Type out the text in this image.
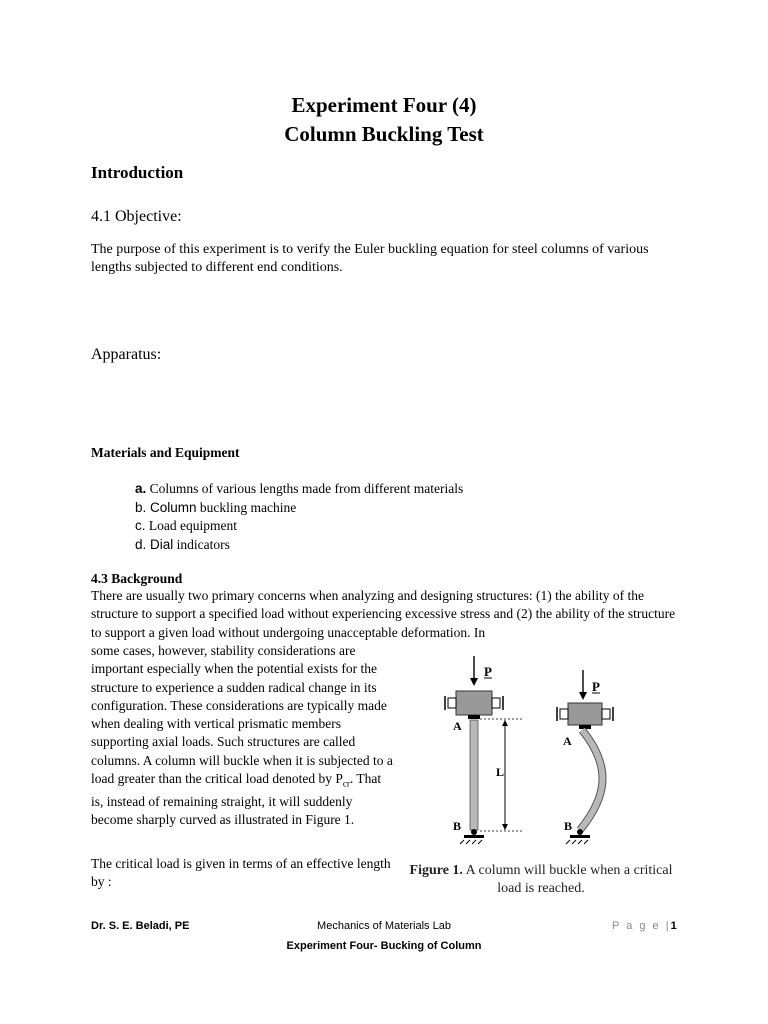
Experiment Four (4)
Column Buckling Test
Introduction
4.1 Objective:
The purpose of this experiment is to verify the Euler buckling equation for steel columns of various lengths subjected to different end conditions.
Apparatus:
Materials and Equipment
a. Columns of various lengths made from different materials
b. Column buckling machine
c. Load equipment
d. Dial indicators
4.3 Background
There are usually two primary concerns when analyzing and designing structures: (1) the ability of the structure to support a specified load without experiencing excessive stress and (2) the ability of the structure to support a given load without undergoing unacceptable deformation. In
some cases, however, stability considerations are important especially when the potential exists for the structure to experience a sudden radical change in its configuration. These considerations are typically made when dealing with vertical prismatic members supporting axial loads. Such structures are called columns. A column will buckle when it is subjected to a load greater than the critical load denoted by $P_{cr}$. That is, instead of remaining straight, it will suddenly become sharply curved as illustrated in Figure 1.
The critical load is given in terms of an effective length by :
P
A
B
L
P
A
B
Figure 1. A column will buckle when a critical load is reached.
Dr. S. E. Beladi, PE	Mechanics of Materials Lab
Experiment Four- Bucking of Column
P a g e |1
